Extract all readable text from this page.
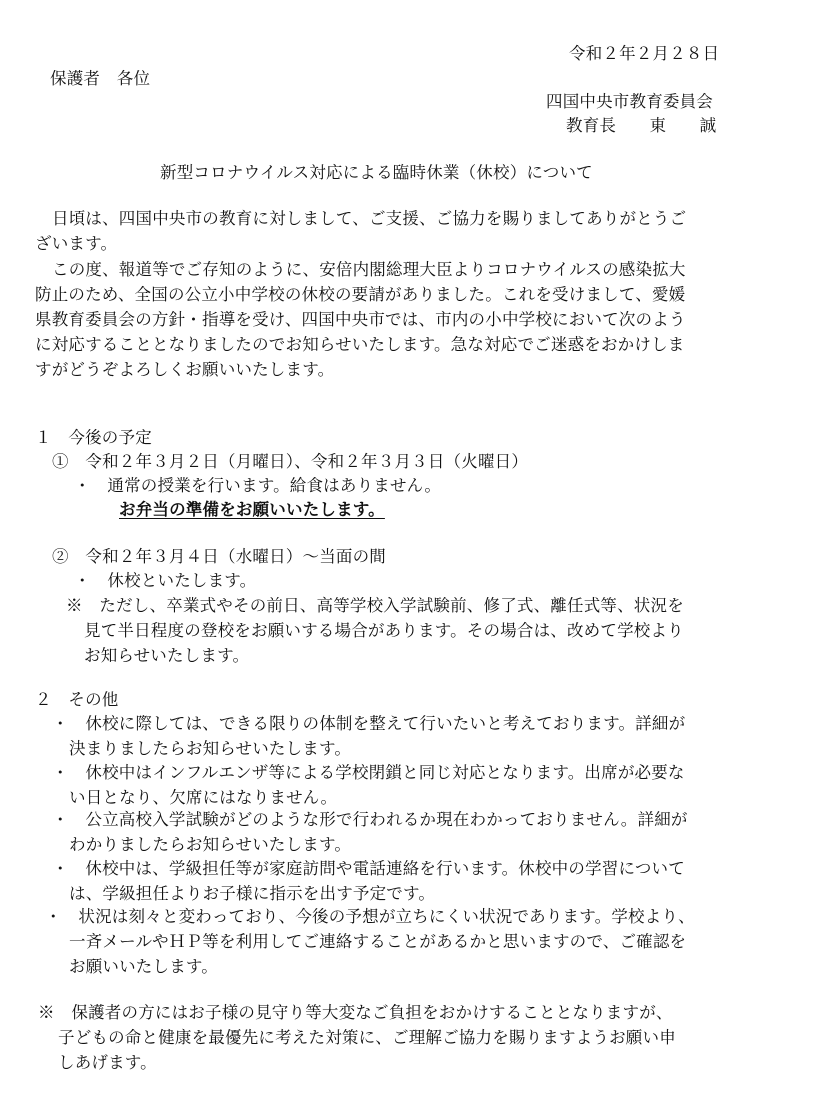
令和２年２月２８日
保護者　各位
四国中央市教育委員会
教育長　　東　　誠
新型コロナウイルス対応による臨時休業（休校）について
日頃は、四国中央市の教育に対しまして、ご支援、ご協力を賜りましてありがとうご
ざいます。
この度、報道等でご存知のように、安倍内閣総理大臣よりコロナウイルスの感染拡大
防止のため、全国の公立小中学校の休校の要請がありました。これを受けまして、愛媛
県教育委員会の方針・指導を受け、四国中央市では、市内の小中学校において次のよう
に対応することとなりましたのでお知らせいたします。急な対応でご迷惑をおかけしま
すがどうぞよろしくお願いいたします。
１　今後の予定
①　令和２年３月２日（月曜日）、令和２年３月３日（火曜日）
・　通常の授業を行います。給食はありません。
お弁当の準備をお願いいたします。
②　令和２年３月４日（水曜日）～当面の間
・　休校といたします。
※　ただし、卒業式やその前日、高等学校入学試験前、修了式、離任式等、状況を
見て半日程度の登校をお願いする場合があります。その場合は、改めて学校より
お知らせいたします。
２　その他
・　休校に際しては、できる限りの体制を整えて行いたいと考えております。詳細が
決まりましたらお知らせいたします。
・　休校中はインフルエンザ等による学校閉鎖と同じ対応となります。出席が必要な
い日となり、欠席にはなりません。
・　公立高校入学試験がどのような形で行われるか現在わかっておりません。詳細が
わかりましたらお知らせいたします。
・　休校中は、学級担任等が家庭訪問や電話連絡を行います。休校中の学習について
は、学級担任よりお子様に指示を出す予定です。
・　状況は刻々と変わっており、今後の予想が立ちにくい状況であります。学校より、
一斉メールやＨＰ等を利用してご連絡することがあるかと思いますので、ご確認を
お願いいたします。
※　保護者の方にはお子様の見守り等大変なご負担をおかけすることとなりますが、
子どもの命と健康を最優先に考えた対策に、ご理解ご協力を賜りますようお願い申
しあげます。
